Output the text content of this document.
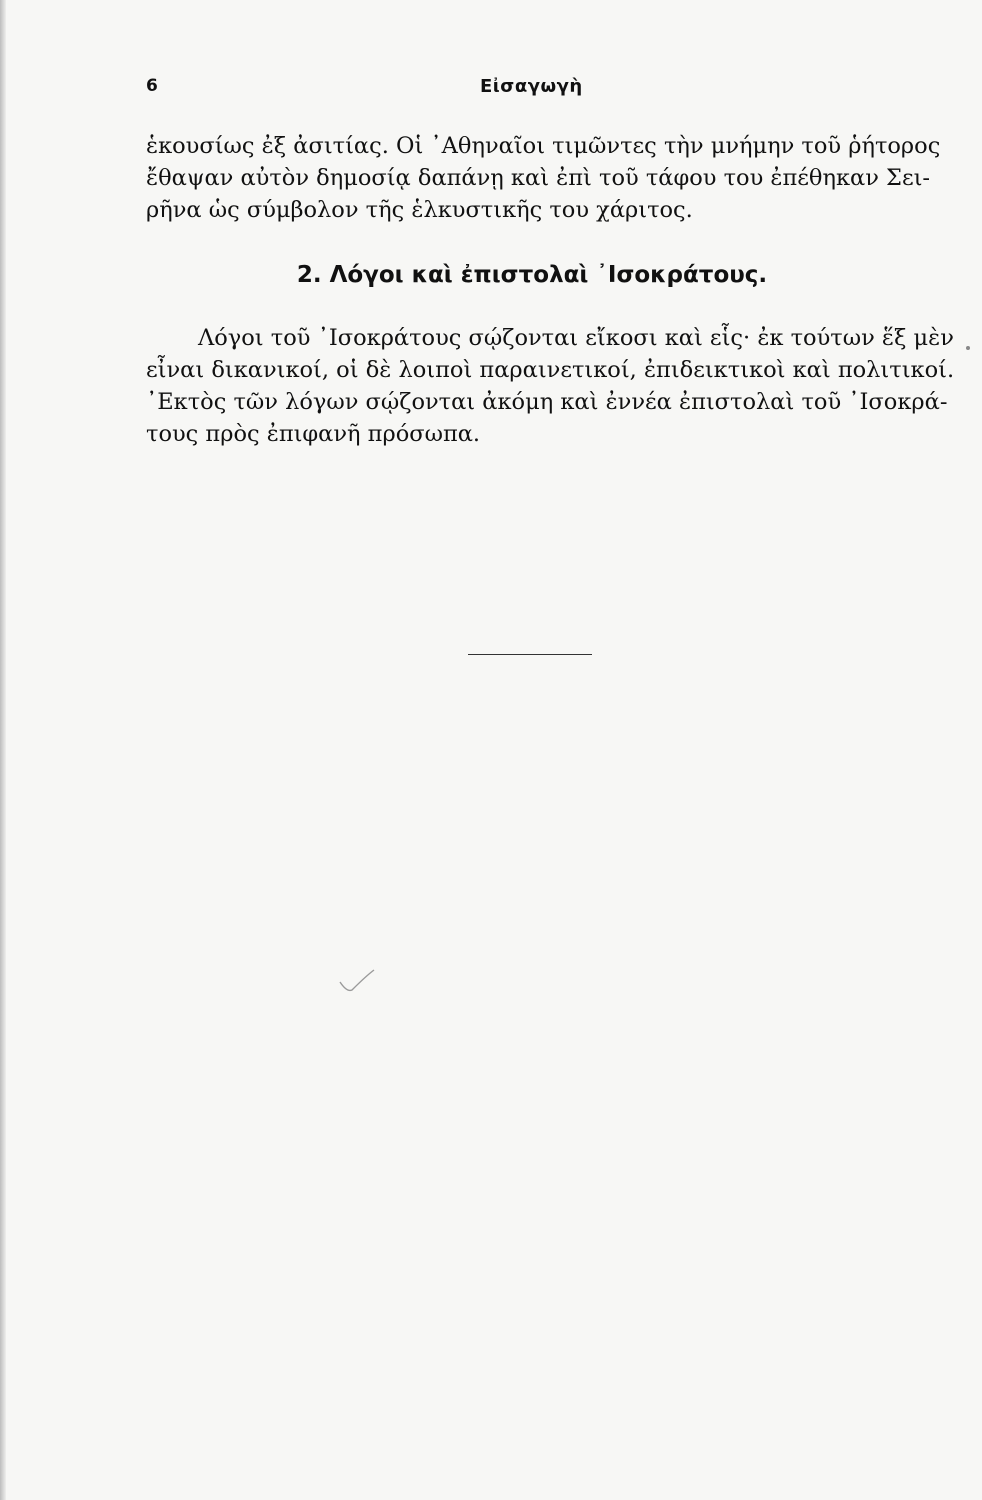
6	Εἰσαγωγὴ
ἑκουσίως ἐξ ἀσιτίας. Οἱ ᾿Αθηναῖοι τιμῶντες τὴν μνήμην τοῦ ῥήτορος
ἔθαψαν αὐτὸν δημοσίᾳ δαπάνῃ καὶ ἐπὶ τοῦ τάφου του ἐπέθηκαν Σει-
ρῆνα ὡς σύμβολον τῆς ἑλκυστικῆς του χάριτος.
2. Λόγοι καὶ ἐπιστολαὶ ᾿Ισοκράτους.
Λόγοι τοῦ ᾿Ισοκράτους σῴζονται εἴκοσι καὶ εἷς· ἐκ τούτων ἕξ μὲν
εἶναι δικανικοί, οἱ δὲ λοιποὶ παραινετικοί, ἐπιδεικτικοὶ καὶ πολιτικοί.
᾿Εκτὸς τῶν λόγων σῴζονται ἀκόμη καὶ ἐννέα ἐπιστολαὶ τοῦ ᾿Ισοκρά-
τους πρὸς ἐπιφανῆ πρόσωπα.
